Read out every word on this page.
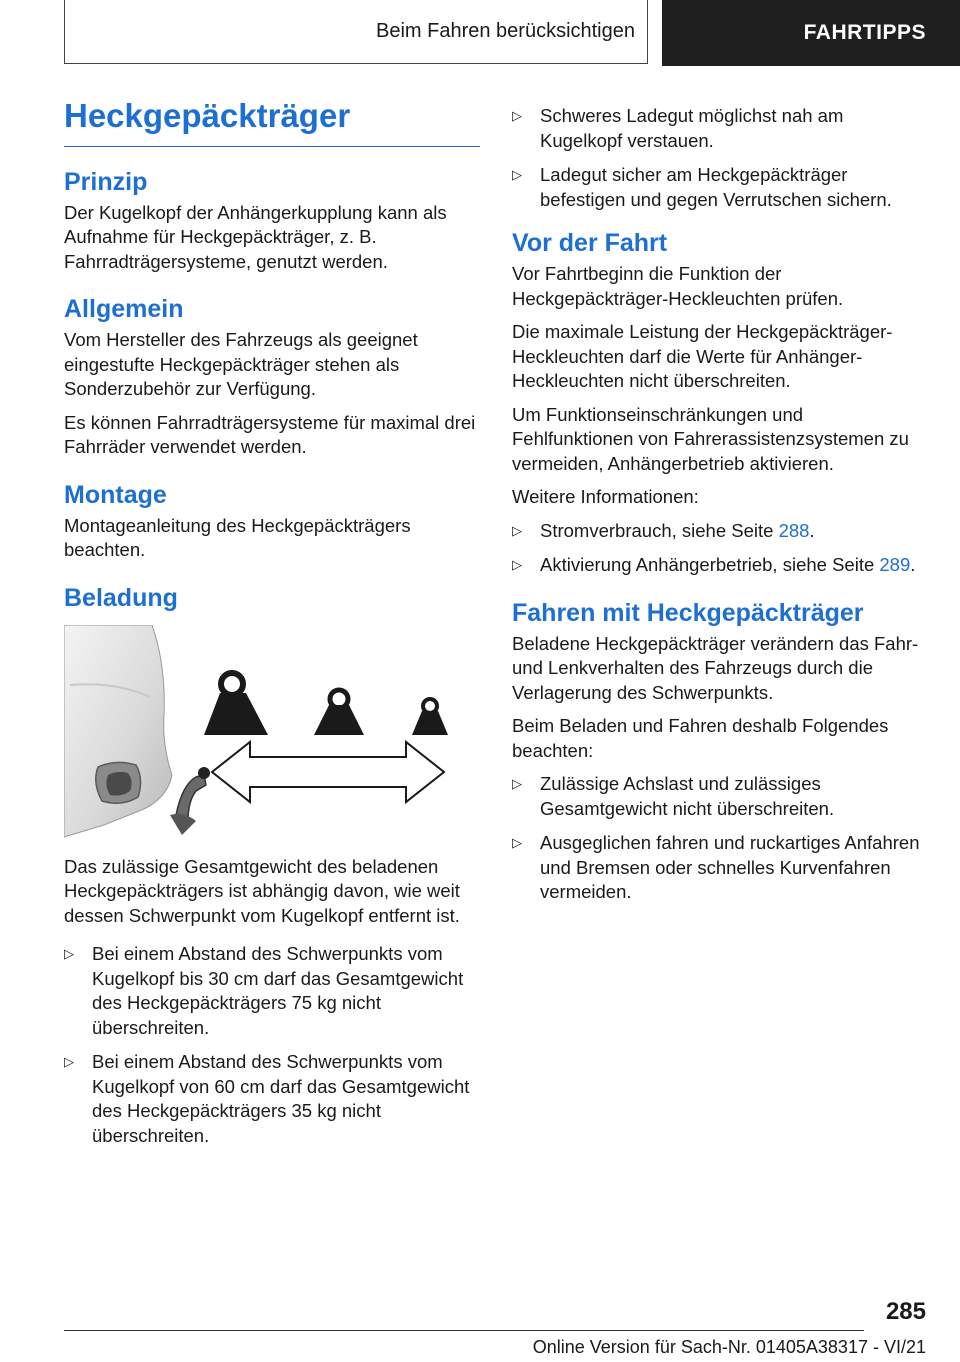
Beim Fahren berücksichtigen	FAHRTIPPS
Heckgepäckträger
Prinzip

Der Kugelkopf der Anhängerkupplung kann als Aufnahme für Heckgepäckträger, z. B. Fahrradträgersysteme, genutzt werden.

Allgemein

Vom Hersteller des Fahrzeugs als geeignet eingestufte Heckgepäckträger stehen als Sonderzubehör zur Verfügung.

Es können Fahrradträgersysteme für maximal drei Fahrräder verwendet werden.

Montage

Montageanleitung des Heckgepäckträgers beachten.

Beladung

Das zulässige Gesamtgewicht des beladenen Heckgepäckträgers ist abhängig davon, wie weit dessen Schwerpunkt vom Kugelkopf entfernt ist.

▷ Bei einem Abstand des Schwerpunkts vom Kugelkopf bis 30 cm darf das Gesamtgewicht des Heckgepäckträgers 75 kg nicht überschreiten.
▷ Bei einem Abstand des Schwerpunkts vom Kugelkopf von 60 cm darf das Gesamtgewicht des Heckgepäckträgers 35 kg nicht überschreiten.
▷ Schweres Ladegut möglichst nah am Kugelkopf verstauen.
▷ Ladegut sicher am Heckgepäckträger befestigen und gegen Verrutschen sichern.
Vor der Fahrt

Vor Fahrtbeginn die Funktion der Heckgepäckträger-Heckleuchten prüfen.

Die maximale Leistung der Heckgepäckträger-Heckleuchten darf die Werte für Anhänger-Heckleuchten nicht überschreiten.

Um Funktionseinschränkungen und Fehlfunktionen von Fahrerassistenzsystemen zu vermeiden, Anhängerbetrieb aktivieren.

Weitere Informationen:

▷ Stromverbrauch, siehe Seite 288.
▷ Aktivierung Anhängerbetrieb, siehe Seite 289.
Fahren mit Heckgepäckträger

Beladene Heckgepäckträger verändern das Fahr- und Lenkverhalten des Fahrzeugs durch die Verlagerung des Schwerpunkts.

Beim Beladen und Fahren deshalb Folgendes beachten:

▷ Zulässige Achslast und zulässiges Gesamtgewicht nicht überschreiten.
▷ Ausgeglichen fahren und ruckartiges Anfahren und Bremsen oder schnelles Kurvenfahren vermeiden.
285
Online Version für Sach-Nr. 01405A38317 - VI/21
